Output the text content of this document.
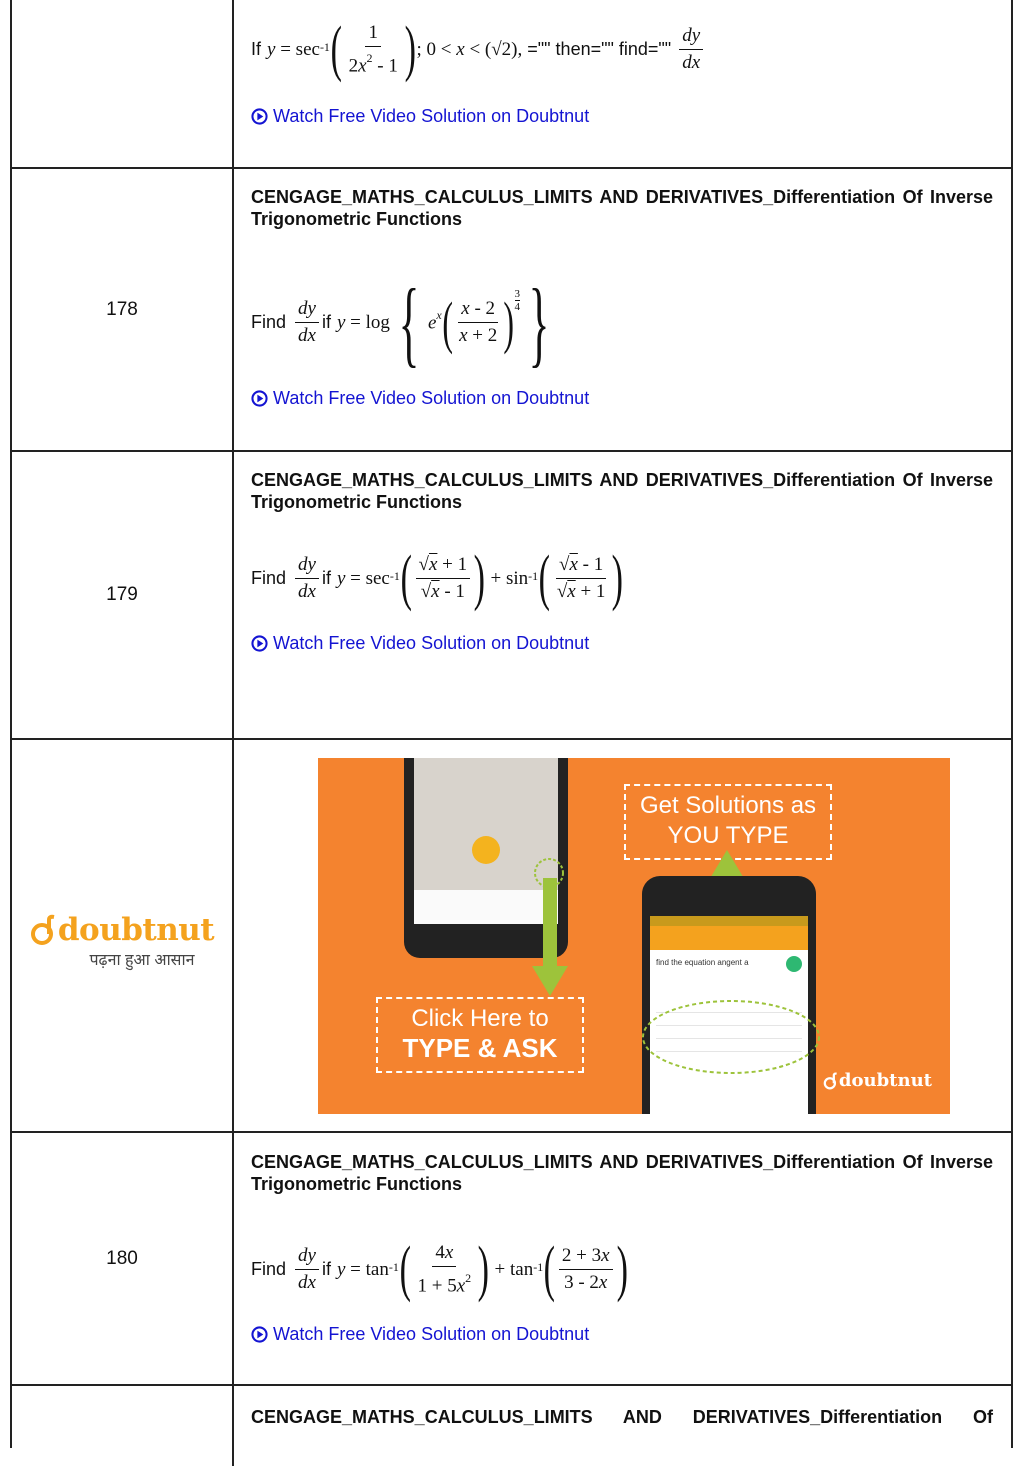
If y = sec -1 ( $\frac{1}{2x^2 - 1}$ ) ; 0 < x < (√2), ="" then="" find="" $\frac{dy}{dx}$
Watch Free Video Solution on Doubtnut
178
CENGAGE_MATHS_CALCULUS_LIMITS AND DERIVATIVES_Differentiation Of Inverse Trigonometric Functions
Find $\frac{dy}{dx}$ if y = log { $e^x$ ( $\frac{x - 2}{x + 2}$ ) 3
4 }
Watch Free Video Solution on Doubtnut
179
CENGAGE_MATHS_CALCULUS_LIMITS AND DERIVATIVES_Differentiation Of Inverse Trigonometric Functions
Find $\frac{dy}{dx}$ if y = sec -1 ( $\frac{√x + 1}{√x - 1}$ ) + sin -1 ( $\frac{√x - 1}{√x + 1}$ )
Watch Free Video Solution on Doubtnut
doubtnut
पढ़ना हुआ आसान
Click Here to
TYPE & ASK
Get Solutions as
YOU TYPE
find the equation angent a
doubtnut
180
CENGAGE_MATHS_CALCULUS_LIMITS AND DERIVATIVES_Differentiation Of Inverse Trigonometric Functions
Find $\frac{dy}{dx}$ if y = tan -1 ( $\frac{4x}{1 + 5x^2}$ ) + tan -1 ( $\frac{2 + 3x}{3 - 2x}$ )
Watch Free Video Solution on Doubtnut
CENGAGE_MATHS_CALCULUS_LIMITS AND DERIVATIVES_Differentiation Of
